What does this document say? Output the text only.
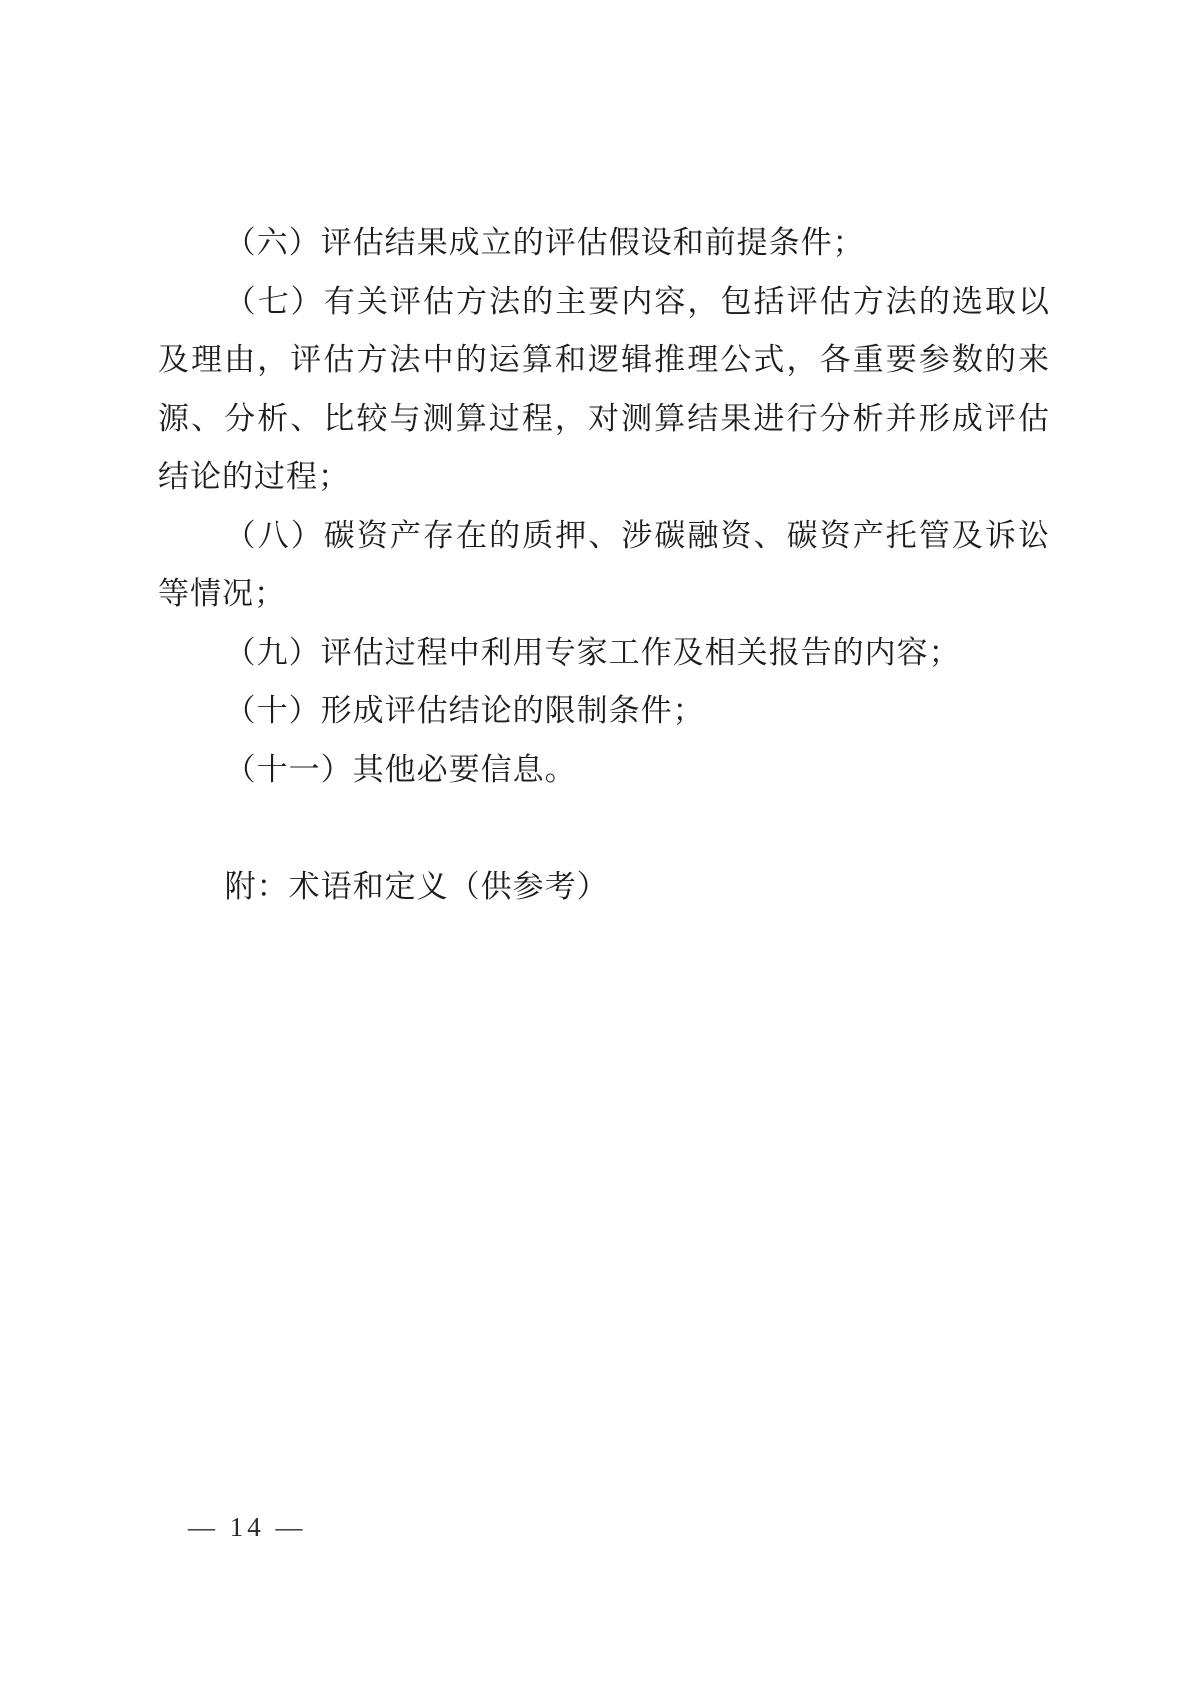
（六）评估结果成立的评估假设和前提条件；

（七）有关评估方法的主要内容，包括评估方法的选取以及理由，评估方法中的运算和逻辑推理公式，各重要参数的来源、分析、比较与测算过程，对测算结果进行分析并形成评估结论的过程；

（八）碳资产存在的质押、涉碳融资、碳资产托管及诉讼等情况；

（九）评估过程中利用专家工作及相关报告的内容；

（十）形成评估结论的限制条件；

（十一）其他必要信息。

附：术语和定义（供参考）

— 14 —
